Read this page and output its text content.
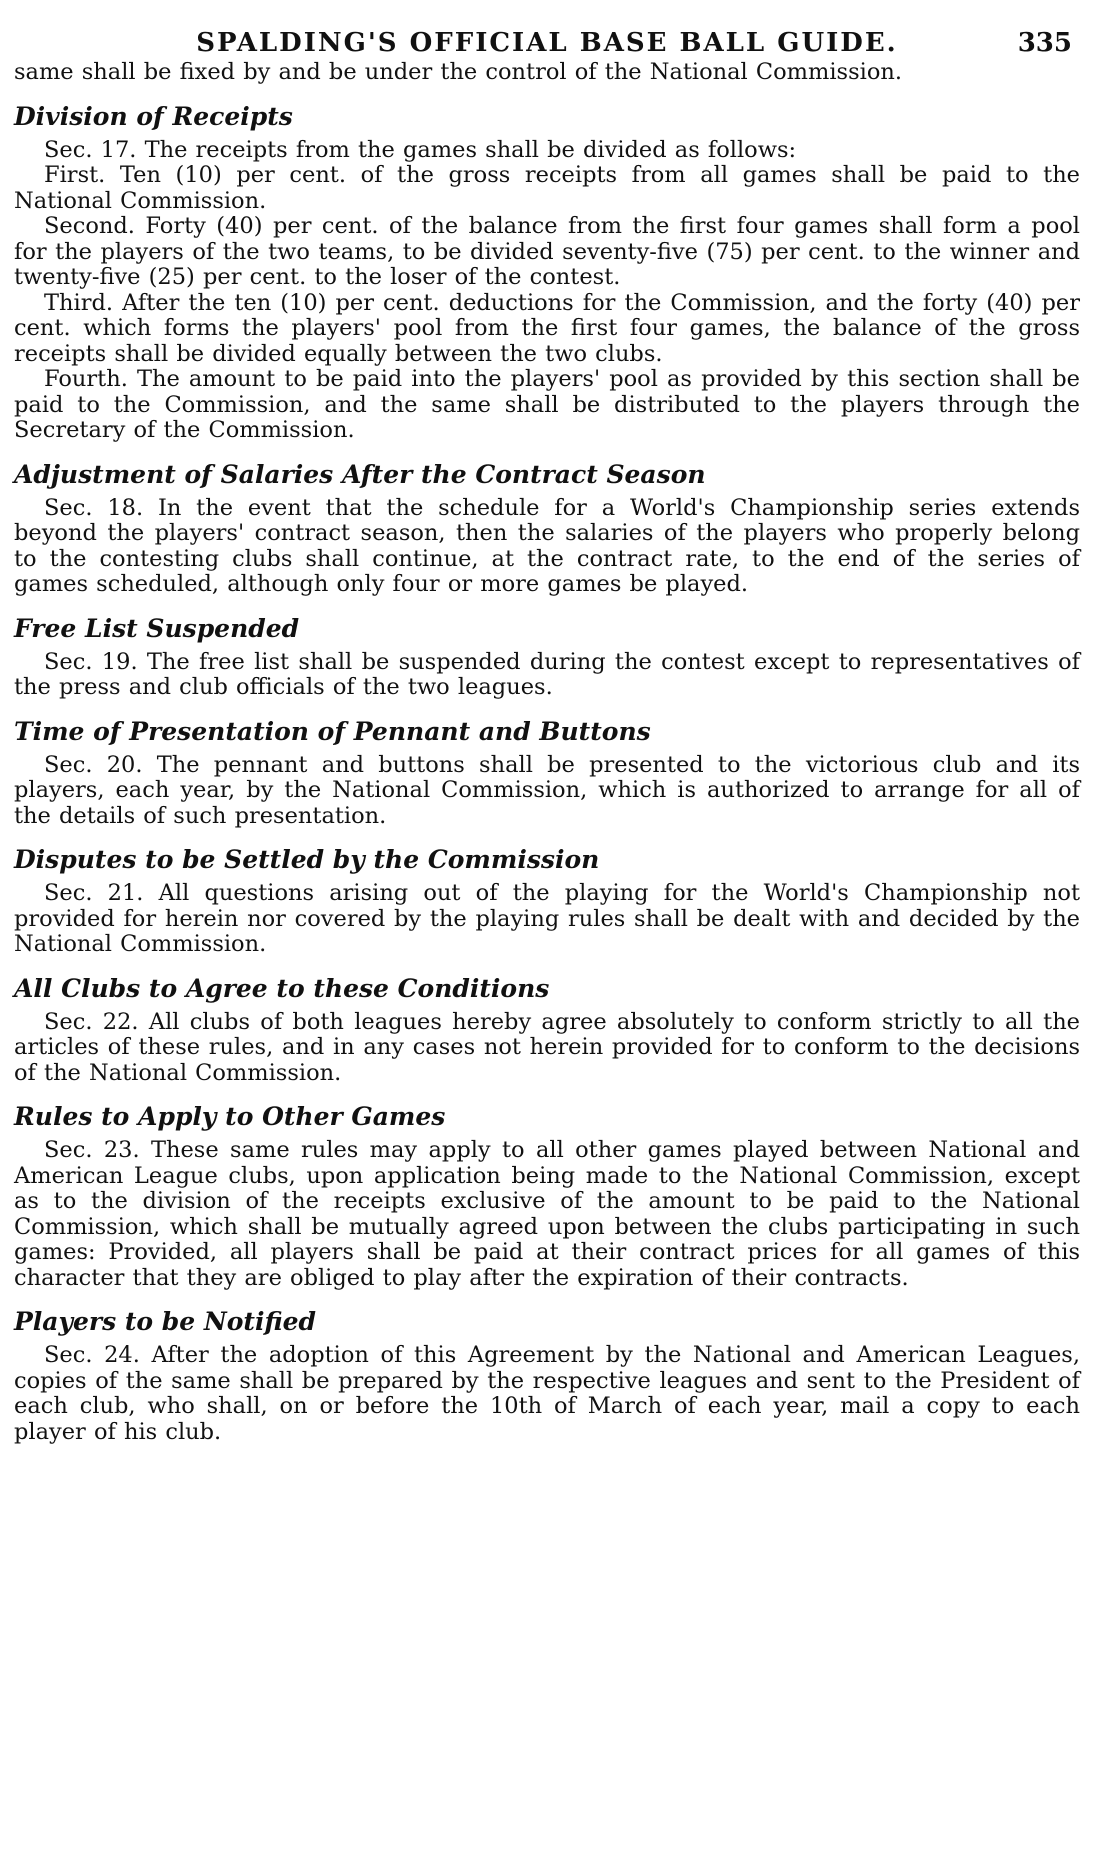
SPALDING'S OFFICIAL BASE BALL GUIDE.	335

same shall be fixed by and be under the control of the National Commission.

Division of Receipts

Sec. 17. The receipts from the games shall be divided as follows:

First. Ten (10) per cent. of the gross receipts from all games shall be paid to the National Commission.

Second. Forty (40) per cent. of the balance from the first four games shall form a pool for the players of the two teams, to be divided seventy-five (75) per cent. to the winner and twenty-five (25) per cent. to the loser of the contest.

Third. After the ten (10) per cent. deductions for the Commission, and the forty (40) per cent. which forms the players' pool from the first four games, the balance of the gross receipts shall be divided equally between the two clubs.

Fourth. The amount to be paid into the players' pool as provided by this section shall be paid to the Commission, and the same shall be distributed to the players through the Secretary of the Commission.

Adjustment of Salaries After the Contract Season

Sec. 18. In the event that the schedule for a World's Championship series extends beyond the players' contract season, then the salaries of the players who properly belong to the contesting clubs shall continue, at the contract rate, to the end of the series of games scheduled, although only four or more games be played.

Free List Suspended

Sec. 19. The free list shall be suspended during the contest except to representatives of the press and club officials of the two leagues.

Time of Presentation of Pennant and Buttons

Sec. 20. The pennant and buttons shall be presented to the victorious club and its players, each year, by the National Commission, which is authorized to arrange for all of the details of such presentation.

Disputes to be Settled by the Commission

Sec. 21. All questions arising out of the playing for the World's Championship not provided for herein nor covered by the playing rules shall be dealt with and decided by the National Commission.

All Clubs to Agree to these Conditions

Sec. 22. All clubs of both leagues hereby agree absolutely to conform strictly to all the articles of these rules, and in any cases not herein provided for to conform to the decisions of the National Commission.

Rules to Apply to Other Games

Sec. 23. These same rules may apply to all other games played between National and American League clubs, upon application being made to the National Commission, except as to the division of the receipts exclusive of the amount to be paid to the National Commission, which shall be mutually agreed upon between the clubs participating in such games: Provided, all players shall be paid at their contract prices for all games of this character that they are obliged to play after the expiration of their contracts.

Players to be Notified

Sec. 24. After the adoption of this Agreement by the National and American Leagues, copies of the same shall be prepared by the respective leagues and sent to the President of each club, who shall, on or before the 10th of March of each year, mail a copy to each player of his club.
